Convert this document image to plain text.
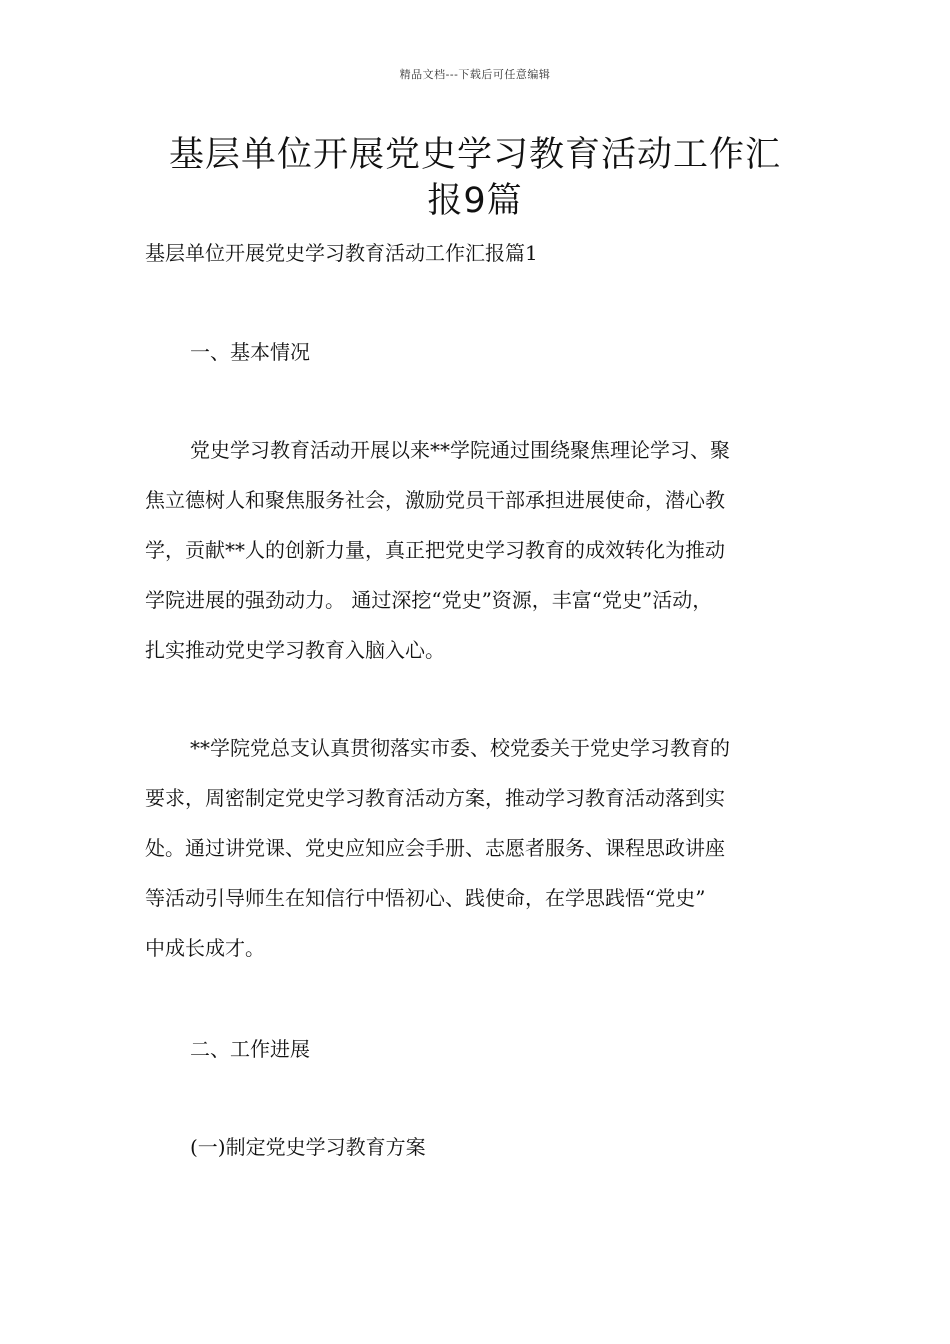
精品文档---下载后可任意编辑
基层单位开展党史学习教育活动工作汇
报9篇
基层单位开展党史学习教育活动工作汇报篇1
一、基本情况
党史学习教育活动开展以来**学院通过围绕聚焦理论学习、聚
焦立德树人和聚焦服务社会，激励党员干部承担进展使命，潜心教
学，贡献**人的创新力量，真正把党史学习教育的成效转化为推动
学院进展的强劲动力。 通过深挖“党史”资源，丰富“党史”活动，
扎实推动党史学习教育入脑入心。
**学院党总支认真贯彻落实市委、校党委关于党史学习教育的
要求，周密制定党史学习教育活动方案，推动学习教育活动落到实
处。通过讲党课、党史应知应会手册、志愿者服务、课程思政讲座
等活动引导师生在知信行中悟初心、践使命，在学思践悟“党史”
中成长成才。
二、工作进展
(一)制定党史学习教育方案
